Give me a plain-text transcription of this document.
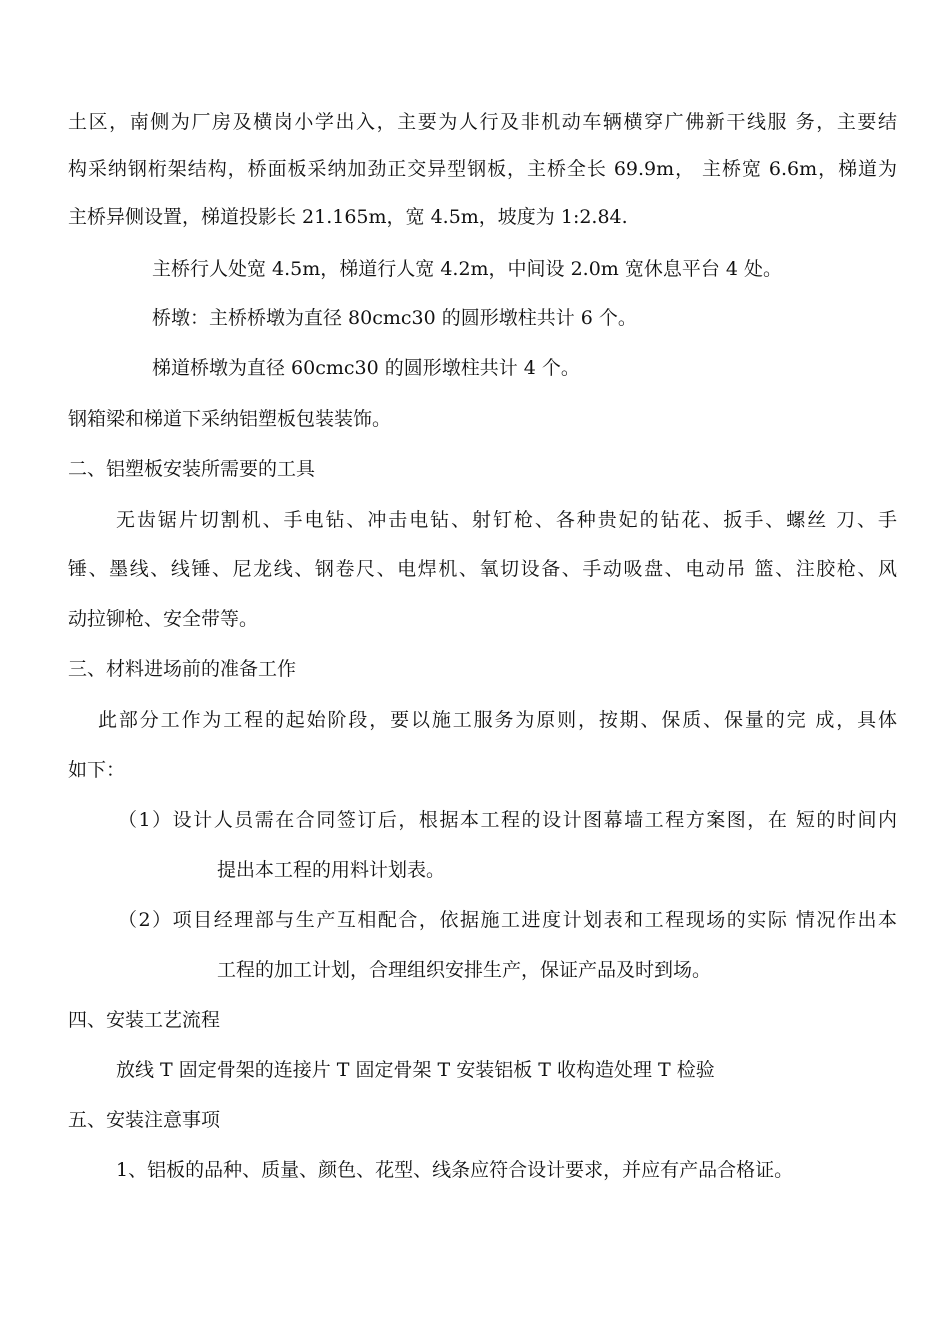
土区，南侧为厂房及横岗小学出入，主要为人行及非机动车辆横穿广佛新干线服 务，主要结
构采纳钢桁架结构，桥面板采纳加劲正交异型钢板，主桥全长 69.9m， 主桥宽 6.6m，梯道为
主桥异侧设置，梯道投影长 21.165m，宽 4.5m，坡度为 1:2.84.
主桥行人处宽 4.5m，梯道行人宽 4.2m，中间设 2.0m 宽休息平台 4 处。
桥墩：主桥桥墩为直径 80cmc30 的圆形墩柱共计 6 个。
梯道桥墩为直径 60cmc30 的圆形墩柱共计 4 个。
钢箱梁和梯道下采纳铝塑板包装装饰。
二、铝塑板安装所需要的工具
无齿锯片切割机、手电钻、冲击电钻、射钉枪、各种贵妃的钻花、扳手、螺丝 刀、手
锤、墨线、线锤、尼龙线、钢卷尺、电焊机、氧切设备、手动吸盘、电动吊 篮、注胶枪、风
动拉铆枪、安全带等。
三、材料进场前的准备工作
此部分工作为工程的起始阶段，要以施工服务为原则，按期、保质、保量的完 成，具体
如下：
（1）设计人员需在合同签订后，根据本工程的设计图幕墙工程方案图，在 短的时间内
提出本工程的用料计划表。
（2）项目经理部与生产互相配合，依据施工进度计划表和工程现场的实际 情况作出本
工程的加工计划，合理组织安排生产，保证产品及时到场。
四、安装工艺流程
放线 T 固定骨架的连接片 T 固定骨架 T 安装铝板 T 收构造处理 T 检验
五、安装注意事项
1、铝板的品种、质量、颜色、花型、线条应符合设计要求，并应有产品合格证。
